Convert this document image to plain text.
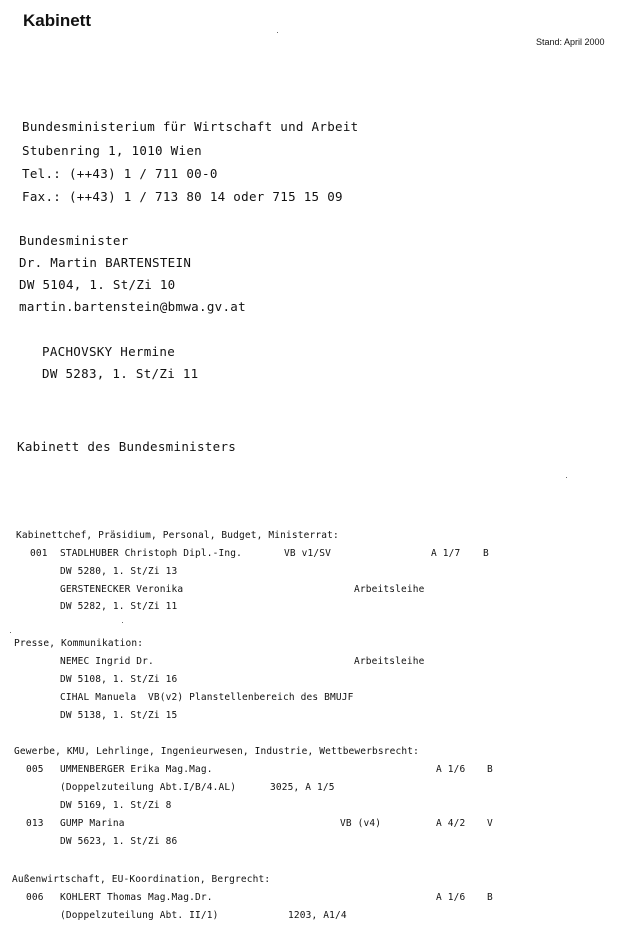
Kabinett
Stand: April 2000
Bundesministerium für Wirtschaft und Arbeit
Stubenring 1, 1010 Wien
Tel.: (++43) 1 / 711 00-0
Fax.: (++43) 1 / 713 80 14 oder 715 15 09
Bundesminister
Dr. Martin BARTENSTEIN
DW 5104, 1. St/Zi 10
martin.bartenstein@bmwa.gv.at
PACHOVSKY Hermine
DW 5283, 1. St/Zi 11
Kabinett des Bundesministers
Kabinettchef, Präsidium, Personal, Budget, Ministerrat:
001 STADLHUBER Christoph Dipl.-Ing.	VB v1/SV	A 1/7 B
DW 5280, 1. St/Zi 13
GERSTENECKER Veronika	Arbeitsleihe
DW 5282, 1. St/Zi 11
Presse, Kommunikation:
NEMEC Ingrid Dr.	Arbeitsleihe
DW 5108, 1. St/Zi 16
CIHAL Manuela  VB(v2) Planstellenbereich des BMUJF
DW 5138, 1. St/Zi 15
Gewerbe, KMU, Lehrlinge, Ingenieurwesen, Industrie, Wettbewerbsrecht:
005 UMMENBERGER Erika Mag.Mag.	A 1/6 B
(Doppelzuteilung Abt.I/B/4.AL)	3025, A 1/5
DW 5169, 1. St/Zi 8
013 GUMP Marina	VB (v4)	A 4/2 V
DW 5623, 1. St/Zi 86
Außenwirtschaft, EU-Koordination, Bergrecht:
006 KOHLERT Thomas Mag.Mag.Dr.	A 1/6 B
(Doppelzuteilung Abt. II/1)	1203, A1/4
